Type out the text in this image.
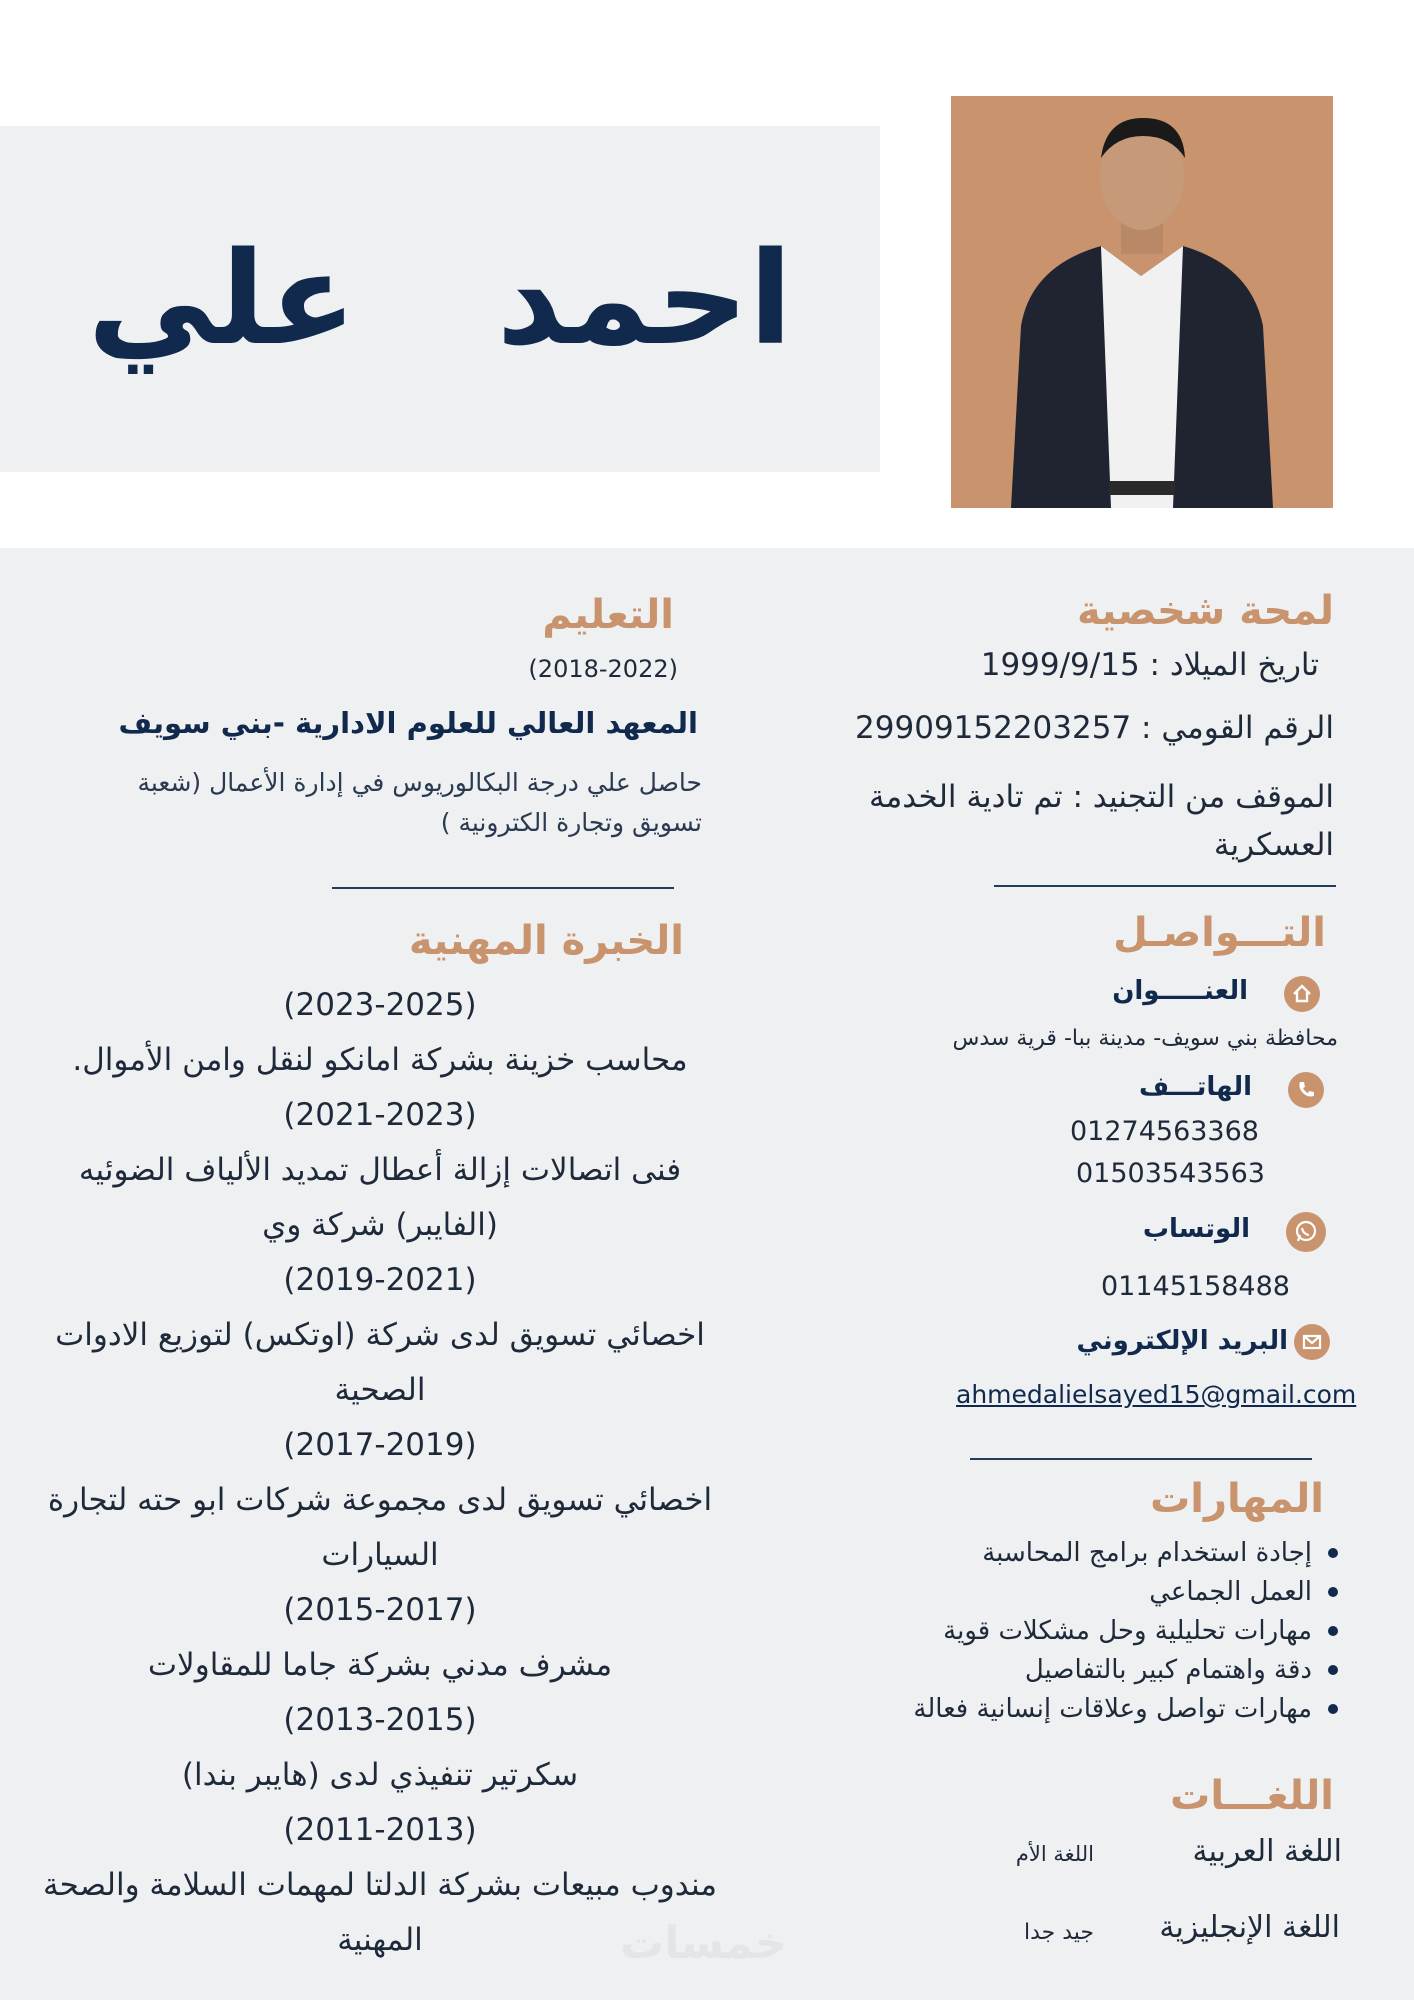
احمد
علي
لمحة شخصية
تاريخ الميلاد : 1999/9/15
الرقم القومي : 29909152203257
الموقف من التجنيد : تم تادية الخدمة العسكرية
التـــواصـل
العنـــــوان
محافظة بني سويف- مدينة ببا- قرية سدس
الهاتـــف
01274563368
01503543563
الوتساب
01145158488
البريد الإلكتروني
ahmedalielsayed15@gmail.com
المهارات
إجادة استخدام برامج المحاسبة
العمل الجماعي
مهارات تحليلية وحل مشكلات قوية
دقة واهتمام كبير بالتفاصيل
مهارات تواصل وعلاقات إنسانية فعالة
اللغـــات
اللغة العربية
اللغة الأم
اللغة الإنجليزية
جيد جدا
التعليم
(2018-2022)
المعهد العالي للعلوم الادارية -بني سويف
حاصل علي درجة البكالوريوس في إدارة الأعمال (شعبة تسويق وتجارة الكترونية )
الخبرة المهنية
(2023-2025)
محاسب خزينة بشركة امانكو لنقل وامن الأموال.
(2021-2023)
فنى اتصالات إزالة أعطال تمديد الألياف الضوئيه (الفايبر) شركة وي
(2019-2021)
اخصائي تسويق لدى شركة (اوتكس) لتوزيع الادوات الصحية
(2017-2019)
اخصائي تسويق لدى مجموعة شركات ابو حته لتجارة السيارات
(2015-2017)
مشرف مدني بشركة جاما للمقاولات
(2013-2015)
سكرتير تنفيذي لدى (هايبر بندا)
(2011-2013)
مندوب مبيعات بشركة الدلتا لمهمات السلامة والصحة المهنية	خمسات
